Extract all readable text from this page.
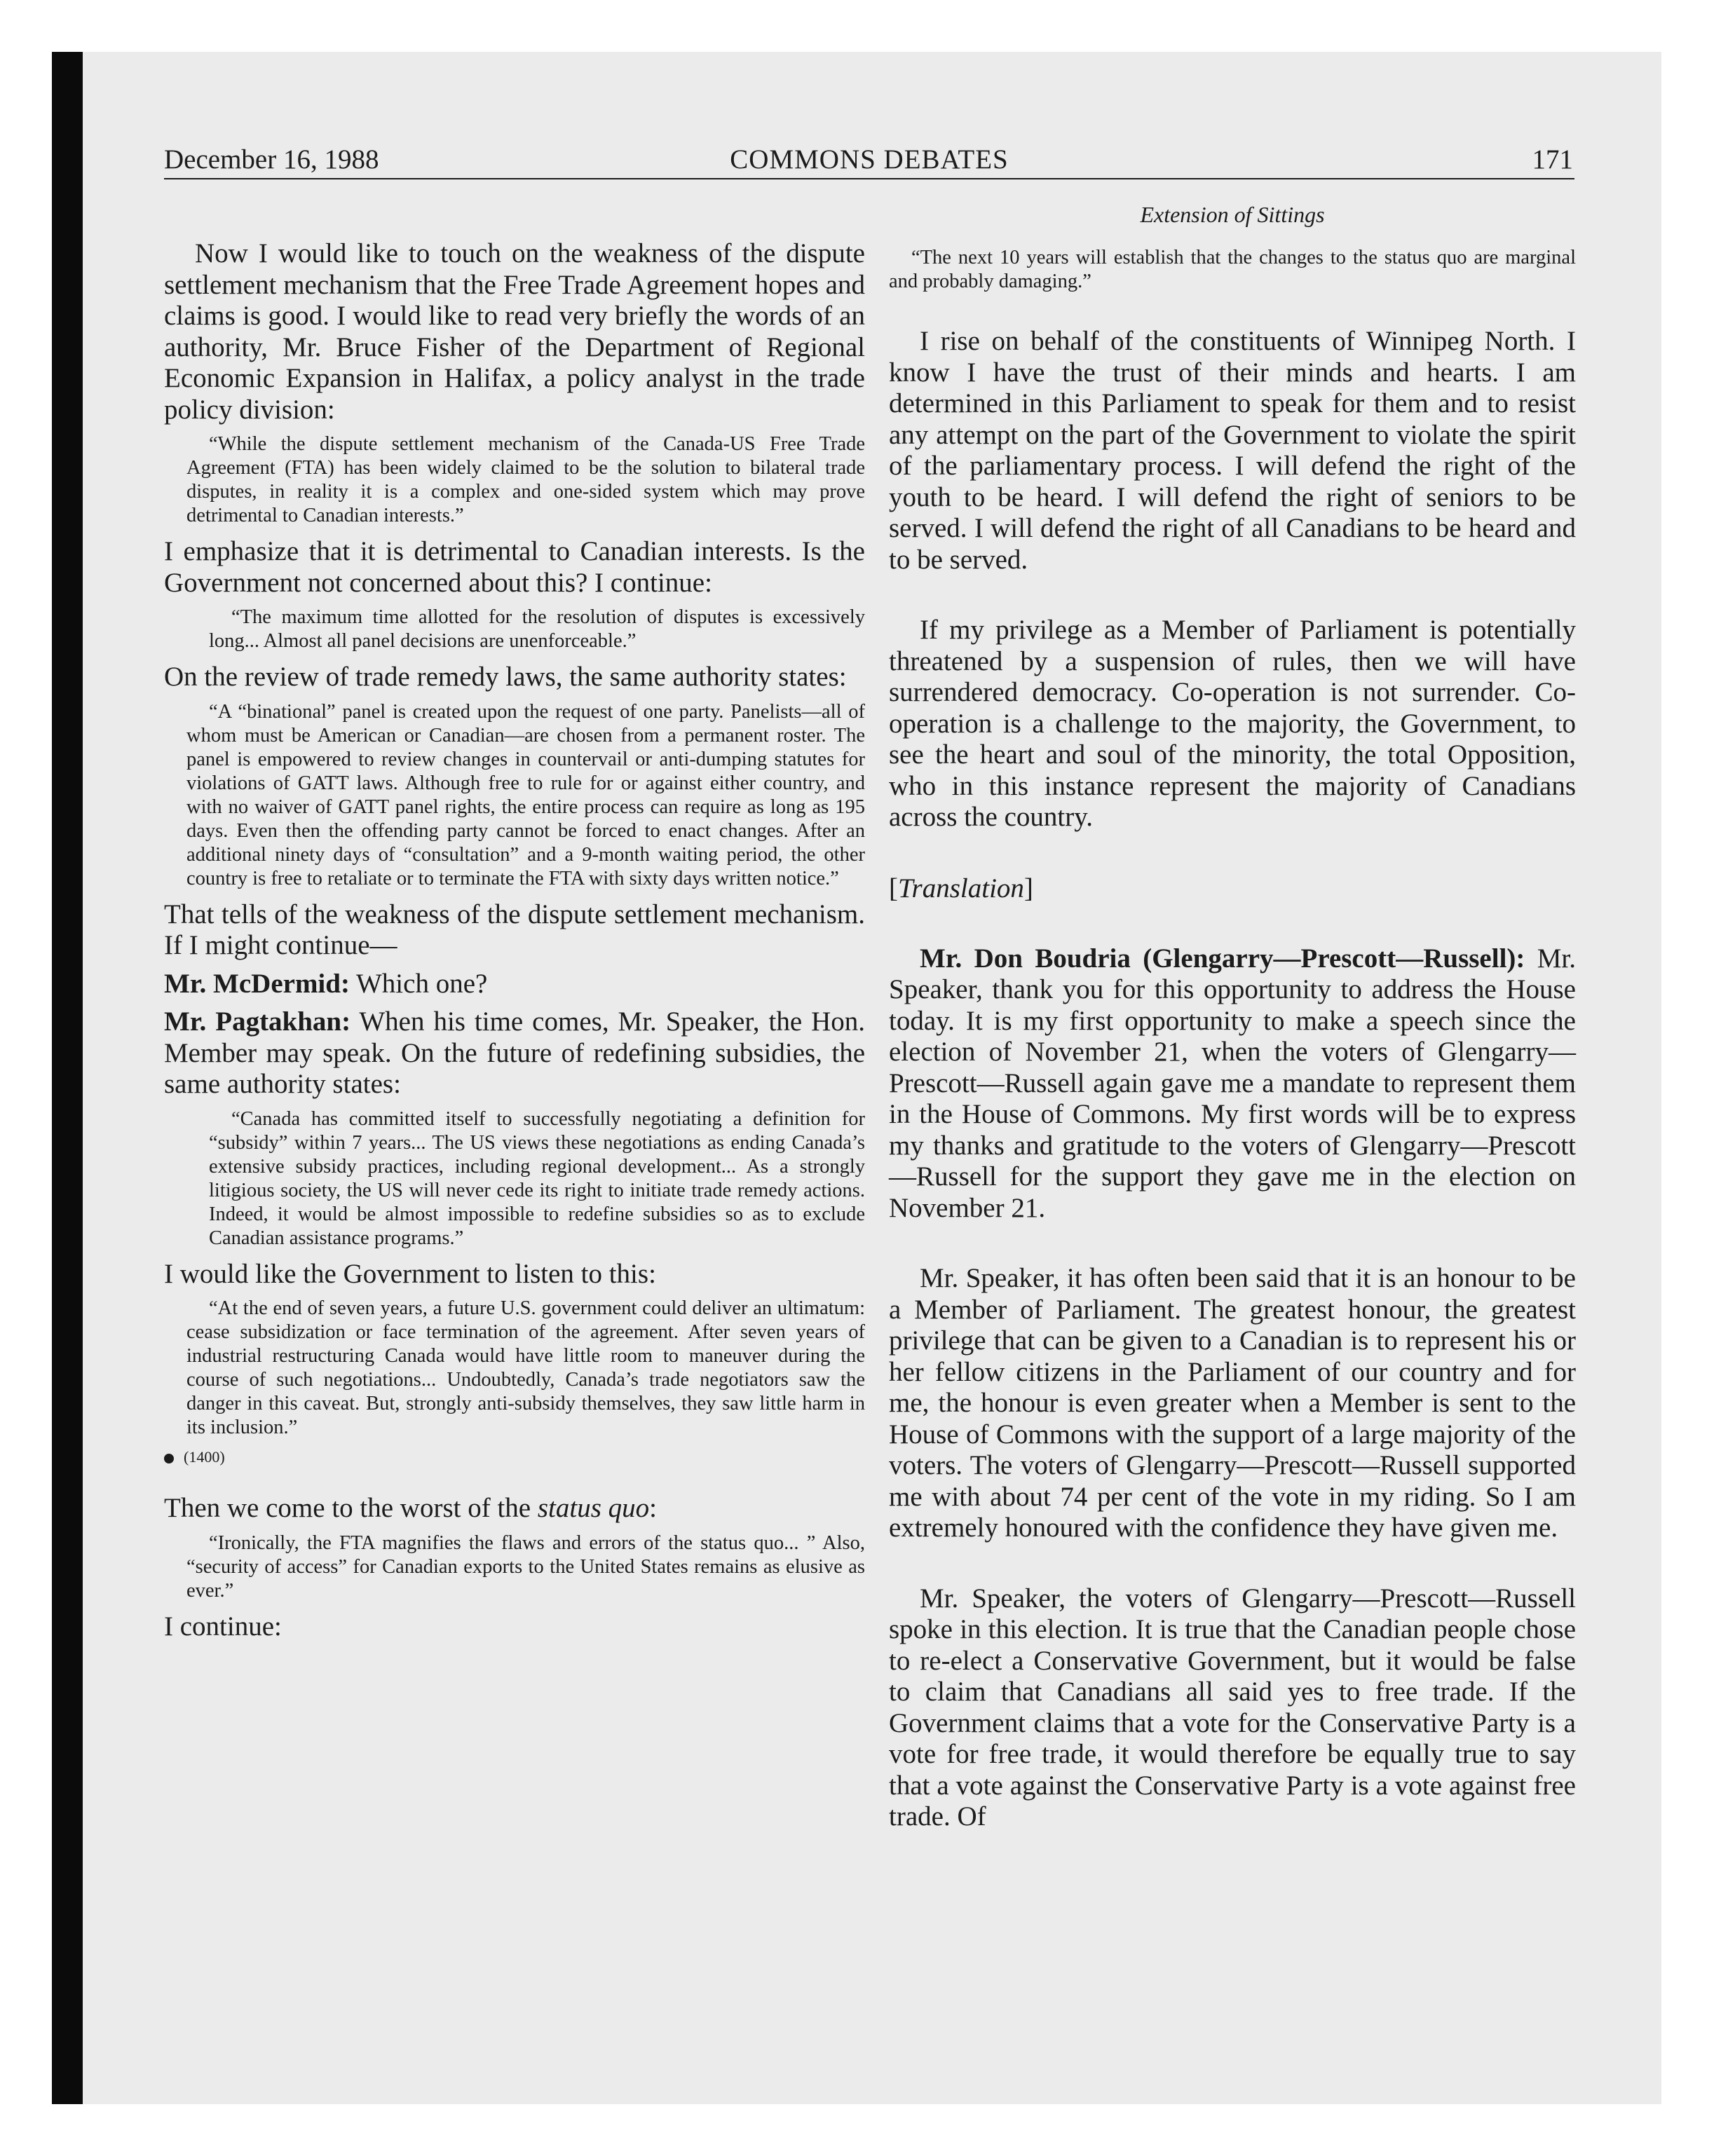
December 16, 1988	COMMONS DEBATES	171

Now I would like to touch on the weakness of the dispute settlement mechanism that the Free Trade Agreement hopes and claims is good. I would like to read very briefly the words of an authority, Mr. Bruce Fisher of the Department of Regional Economic Expansion in Halifax, a policy analyst in the trade policy division:

“While the dispute settlement mechanism of the Canada-US Free Trade Agreement (FTA) has been widely claimed to be the solution to bilateral trade disputes, in reality it is a complex and one-sided system which may prove detrimental to Canadian interests.”

I emphasize that it is detrimental to Canadian interests. Is the Government not concerned about this? I continue:

“The maximum time allotted for the resolution of disputes is excessively long... Almost all panel decisions are unenforceable.”

On the review of trade remedy laws, the same authority states:

“A “binational” panel is created upon the request of one party. Panelists—all of whom must be American or Canadian—are chosen from a permanent roster. The panel is empowered to review changes in countervail or anti-dumping statutes for violations of GATT laws. Although free to rule for or against either country, and with no waiver of GATT panel rights, the entire process can require as long as 195 days. Even then the offending party cannot be forced to enact changes. After an additional ninety days of “consultation” and a 9-month waiting period, the other country is free to retaliate or to terminate the FTA with sixty days written notice.”

That tells of the weakness of the dispute settlement mechanism. If I might continue—

Mr. McDermid: Which one?

Mr. Pagtakhan: When his time comes, Mr. Speaker, the Hon. Member may speak. On the future of redefining subsidies, the same authority states:

“Canada has committed itself to successfully negotiating a definition for “subsidy” within 7 years... The US views these negotiations as ending Canada’s extensive subsidy practices, including regional development... As a strongly litigious society, the US will never cede its right to initiate trade remedy actions. Indeed, it would be almost impossible to redefine subsidies so as to exclude Canadian assistance programs.”

I would like the Government to listen to this:

“At the end of seven years, a future U.S. government could deliver an ultimatum: cease subsidization or face termination of the agreement. After seven years of industrial restructuring Canada would have little room to maneuver during the course of such negotiations... Undoubtedly, Canada’s trade negotiators saw the danger in this caveat. But, strongly anti-subsidy themselves, they saw little harm in its inclusion.”

(1400)

Then we come to the worst of the status quo:

“Ironically, the FTA magnifies the flaws and errors of the status quo... ” Also, “security of access” for Canadian exports to the United States remains as elusive as ever.”

I continue:

Extension of Sittings

“The next 10 years will establish that the changes to the status quo are marginal and probably damaging.”

I rise on behalf of the constituents of Winnipeg North. I know I have the trust of their minds and hearts. I am determined in this Parliament to speak for them and to resist any attempt on the part of the Government to violate the spirit of the parliamentary process. I will defend the right of the youth to be heard. I will defend the right of seniors to be served. I will defend the right of all Canadians to be heard and to be served.

If my privilege as a Member of Parliament is potentially threatened by a suspension of rules, then we will have surrendered democracy. Co-operation is not surrender. Co-operation is a challenge to the majority, the Government, to see the heart and soul of the minority, the total Opposition, who in this instance represent the majority of Canadians across the country.

[Translation]

Mr. Don Boudria (Glengarry—Prescott—Russell): Mr. Speaker, thank you for this opportunity to address the House today. It is my first opportunity to make a speech since the election of November 21, when the voters of Glengarry—Prescott—Russell again gave me a mandate to represent them in the House of Commons. My first words will be to express my thanks and gratitude to the voters of Glengarry—Prescott—Russell for the support they gave me in the election on November 21.

Mr. Speaker, it has often been said that it is an honour to be a Member of Parliament. The greatest honour, the greatest privilege that can be given to a Canadian is to represent his or her fellow citizens in the Parliament of our country and for me, the honour is even greater when a Member is sent to the House of Commons with the support of a large majority of the voters. The voters of Glengarry—Prescott—Russell supported me with about 74 per cent of the vote in my riding. So I am extremely honoured with the confidence they have given me.

Mr. Speaker, the voters of Glengarry—Prescott—Russell spoke in this election. It is true that the Canadian people chose to re-elect a Conservative Government, but it would be false to claim that Canadians all said yes to free trade. If the Government claims that a vote for the Conservative Party is a vote for free trade, it would therefore be equally true to say that a vote against the Conservative Party is a vote against free trade. Of
